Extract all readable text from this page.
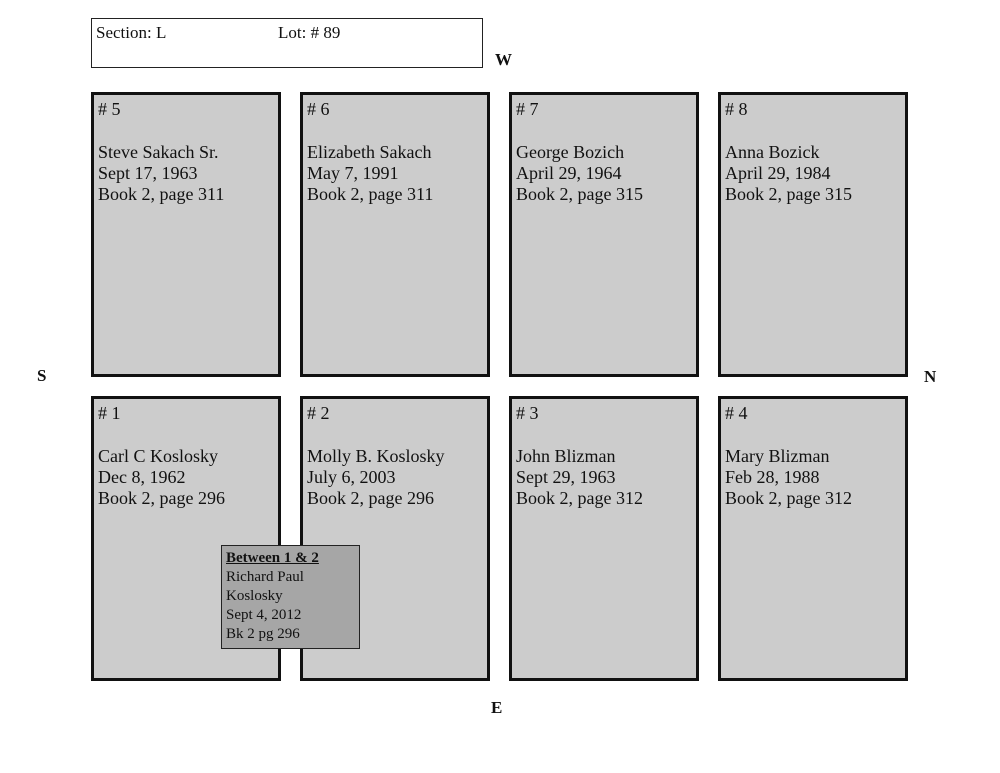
Section: L	Lot: # 89
W
S	N
E
# 5
Steve Sakach Sr.
Sept 17, 1963
Book 2, page 311
# 6
Elizabeth Sakach
May 7, 1991
Book 2, page 311
# 7
George Bozich
April 29, 1964
Book 2, page 315
# 8
Anna Bozick
April 29, 1984
Book 2, page 315
# 1
Carl C Koslosky
Dec 8, 1962
Book 2, page 296
# 2
Molly B. Koslosky
July 6, 2003
Book 2, page 296
# 3
John Blizman
Sept 29, 1963
Book 2, page 312
# 4
Mary Blizman
Feb 28, 1988
Book 2, page 312
Between 1 & 2
Richard Paul
Koslosky
Sept 4, 2012
Bk 2 pg 296
